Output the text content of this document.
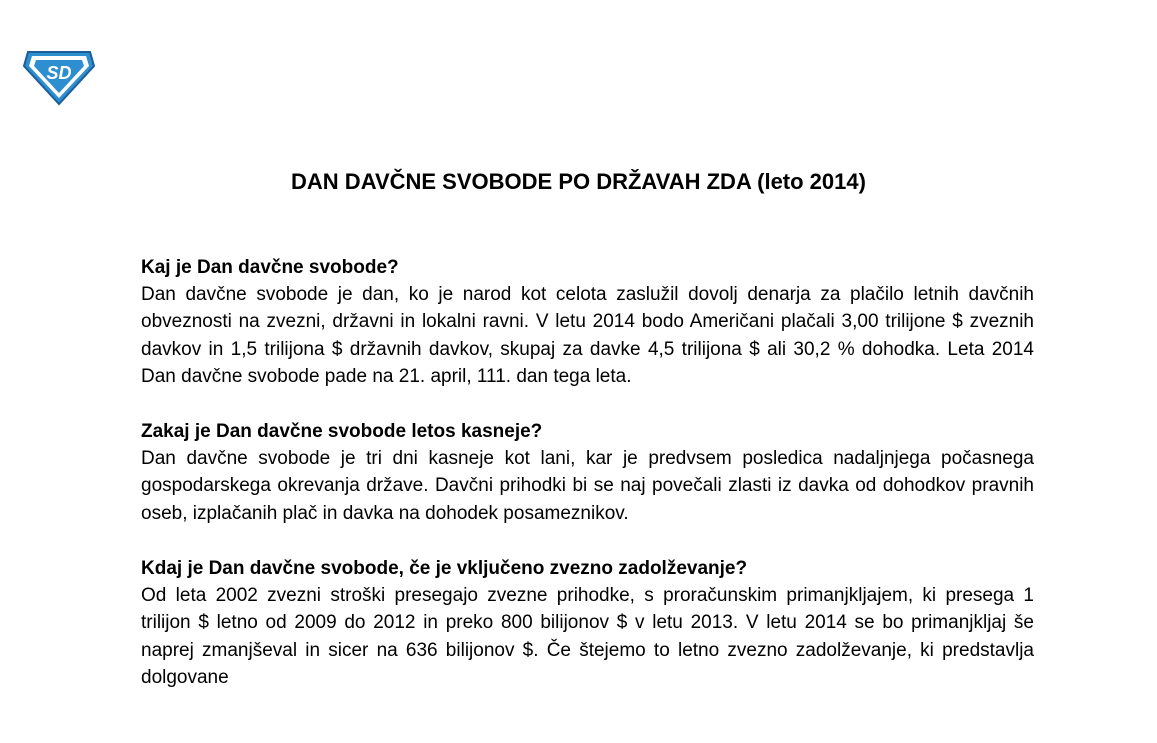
SD
DAN DAVČNE SVOBODE PO DRŽAVAH ZDA (leto 2014)

Kaj je Dan davčne svobode?

Dan davčne svobode je dan, ko je narod kot celota zaslužil dovolj denarja za plačilo letnih davčnih obveznosti na zvezni, državni in lokalni ravni. V letu 2014 bodo Američani plačali 3,00 trilijone $ zveznih davkov in 1,5 trilijona $ državnih davkov, skupaj za davke 4,5 trilijona $ ali 30,2 % dohodka. Leta 2014 Dan davčne svobode pade na 21. april, 111. dan tega leta.

Zakaj je Dan davčne svobode letos kasneje?

Dan davčne svobode je tri dni kasneje kot lani, kar je predvsem posledica nadaljnjega počasnega gospodarskega okrevanja države. Davčni prihodki bi se naj povečali zlasti iz davka od dohodkov pravnih oseb, izplačanih plač in davka na dohodek posameznikov.

Kdaj je Dan davčne svobode, če je vključeno zvezno zadolževanje?

Od leta 2002 zvezni stroški presegajo zvezne prihodke, s proračunskim primanjkljajem, ki presega 1 trilijon $ letno od 2009 do 2012 in preko 800 bilijonov $ v letu 2013. V letu 2014 se bo primanjkljaj še naprej zmanjševal in sicer na 636 bilijonov $. Če štejemo to letno zvezno zadolževanje, ki predstavlja dolgovane
